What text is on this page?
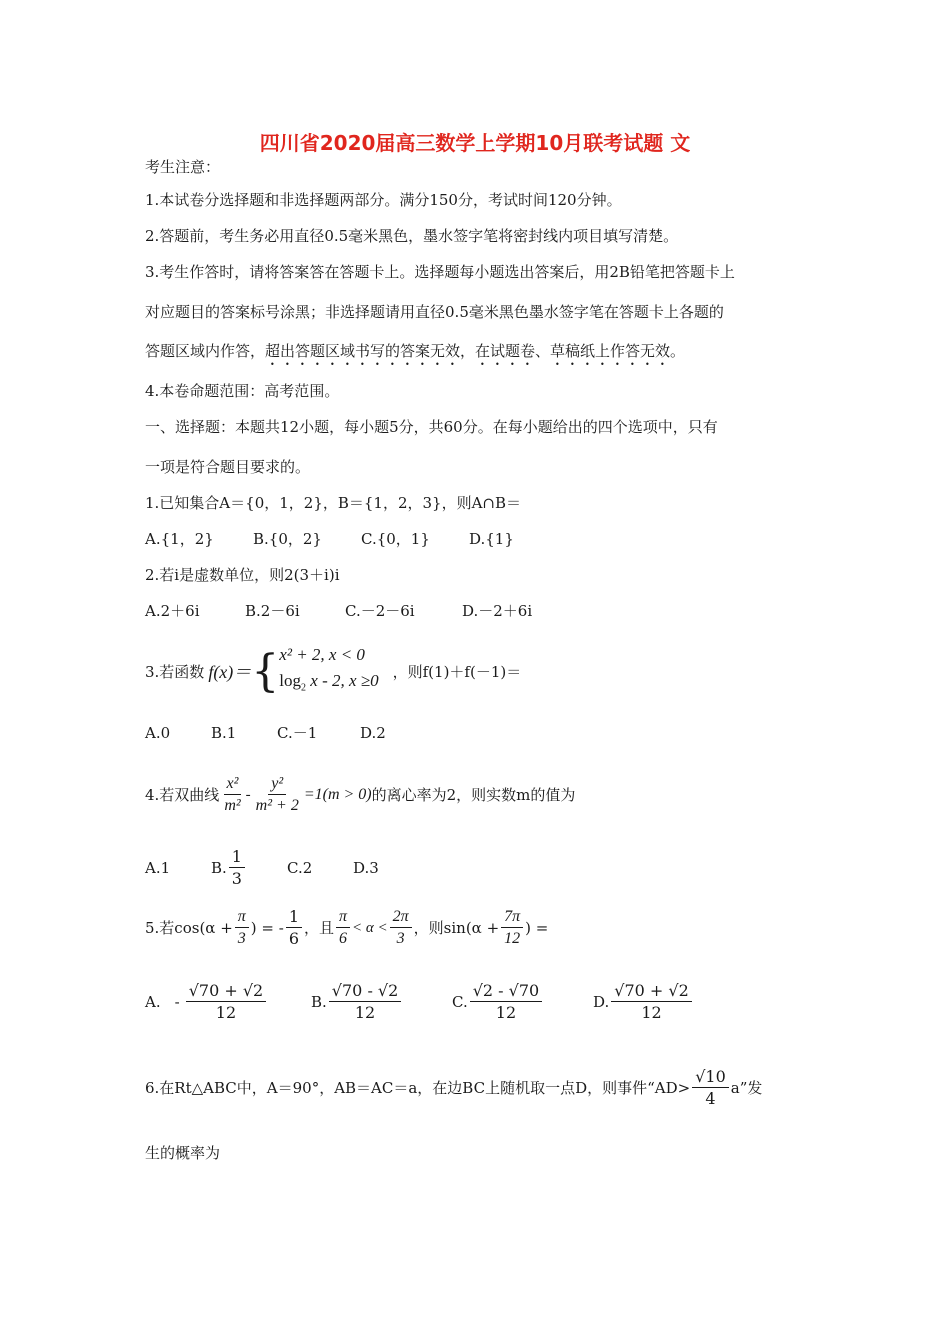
四川省2020届高三数学上学期10月联考试题 文
考生注意：
1.本试卷分选择题和非选择题两部分。满分150分，考试时间120分钟。
2.答题前，考生务必用直径0.5毫米黑色，墨水签字笔将密封线内项目填写清楚。
3.考生作答时，请将答案答在答题卡上。选择题每小题选出答案后，用2B铅笔把答题卡上
对应题目的答案标号涂黑；非选择题请用直径0.5毫米黑色墨水签字笔在答题卡上各题的
答题区域内作答，超出答题区域书写的答案无效，在试题卷、草稿纸上作答无效。
4.本卷命题范围：高考范围。
一、选择题：本题共12小题，每小题5分，共60分。在每小题给出的四个选项中，只有
一项是符合题目要求的。
1.已知集合A＝{0，1，2}，B＝{1，2，3}，则A∩B＝
A.{1，2}	B.{0，2}	C.{0，1}	D.{1}
2.若i是虚数单位，则2(3＋i)i
A.2＋6i	B.2－6i	C.－2－6i	D.－2＋6i
3.若函数 f(x)＝ { x² + 2, x < 0
$\log_2 x - 2$, x ≥0 ，则f(1)＋f(－1)＝
A.0	B.1	C.－1	D.2
4.若双曲线 $\frac{\text{x²}}{\text{m²}} - \frac{\text{y²}}{\text{m² + 2}} =1(m > 0)$ 的离心率为2，则实数m的值为
A.1	B. $\frac{1}{3}$	C.2	D.3
5.若$\cos(\alpha + \frac{\pi}{3}$ ) = - $\frac{1}{6}$ ，且 $\frac{\pi}{6} < \alpha < \frac{2\pi}{3}$ ，则$\sin(\alpha + \frac{7\pi}{12}$ ) =
A. - $\frac{√70 + √2}{12}$	B. $\frac{√70 - √2}{12}$	C. $\frac{√2 - √70}{12}$	D. $\frac{√70 + √2}{12}$
6.在Rt△ABC中，A＝90°，AB＝AC＝a，在边BC上随机取一点D，则事件“$AD> \frac{√10}{4} a$”发
生的概率为
